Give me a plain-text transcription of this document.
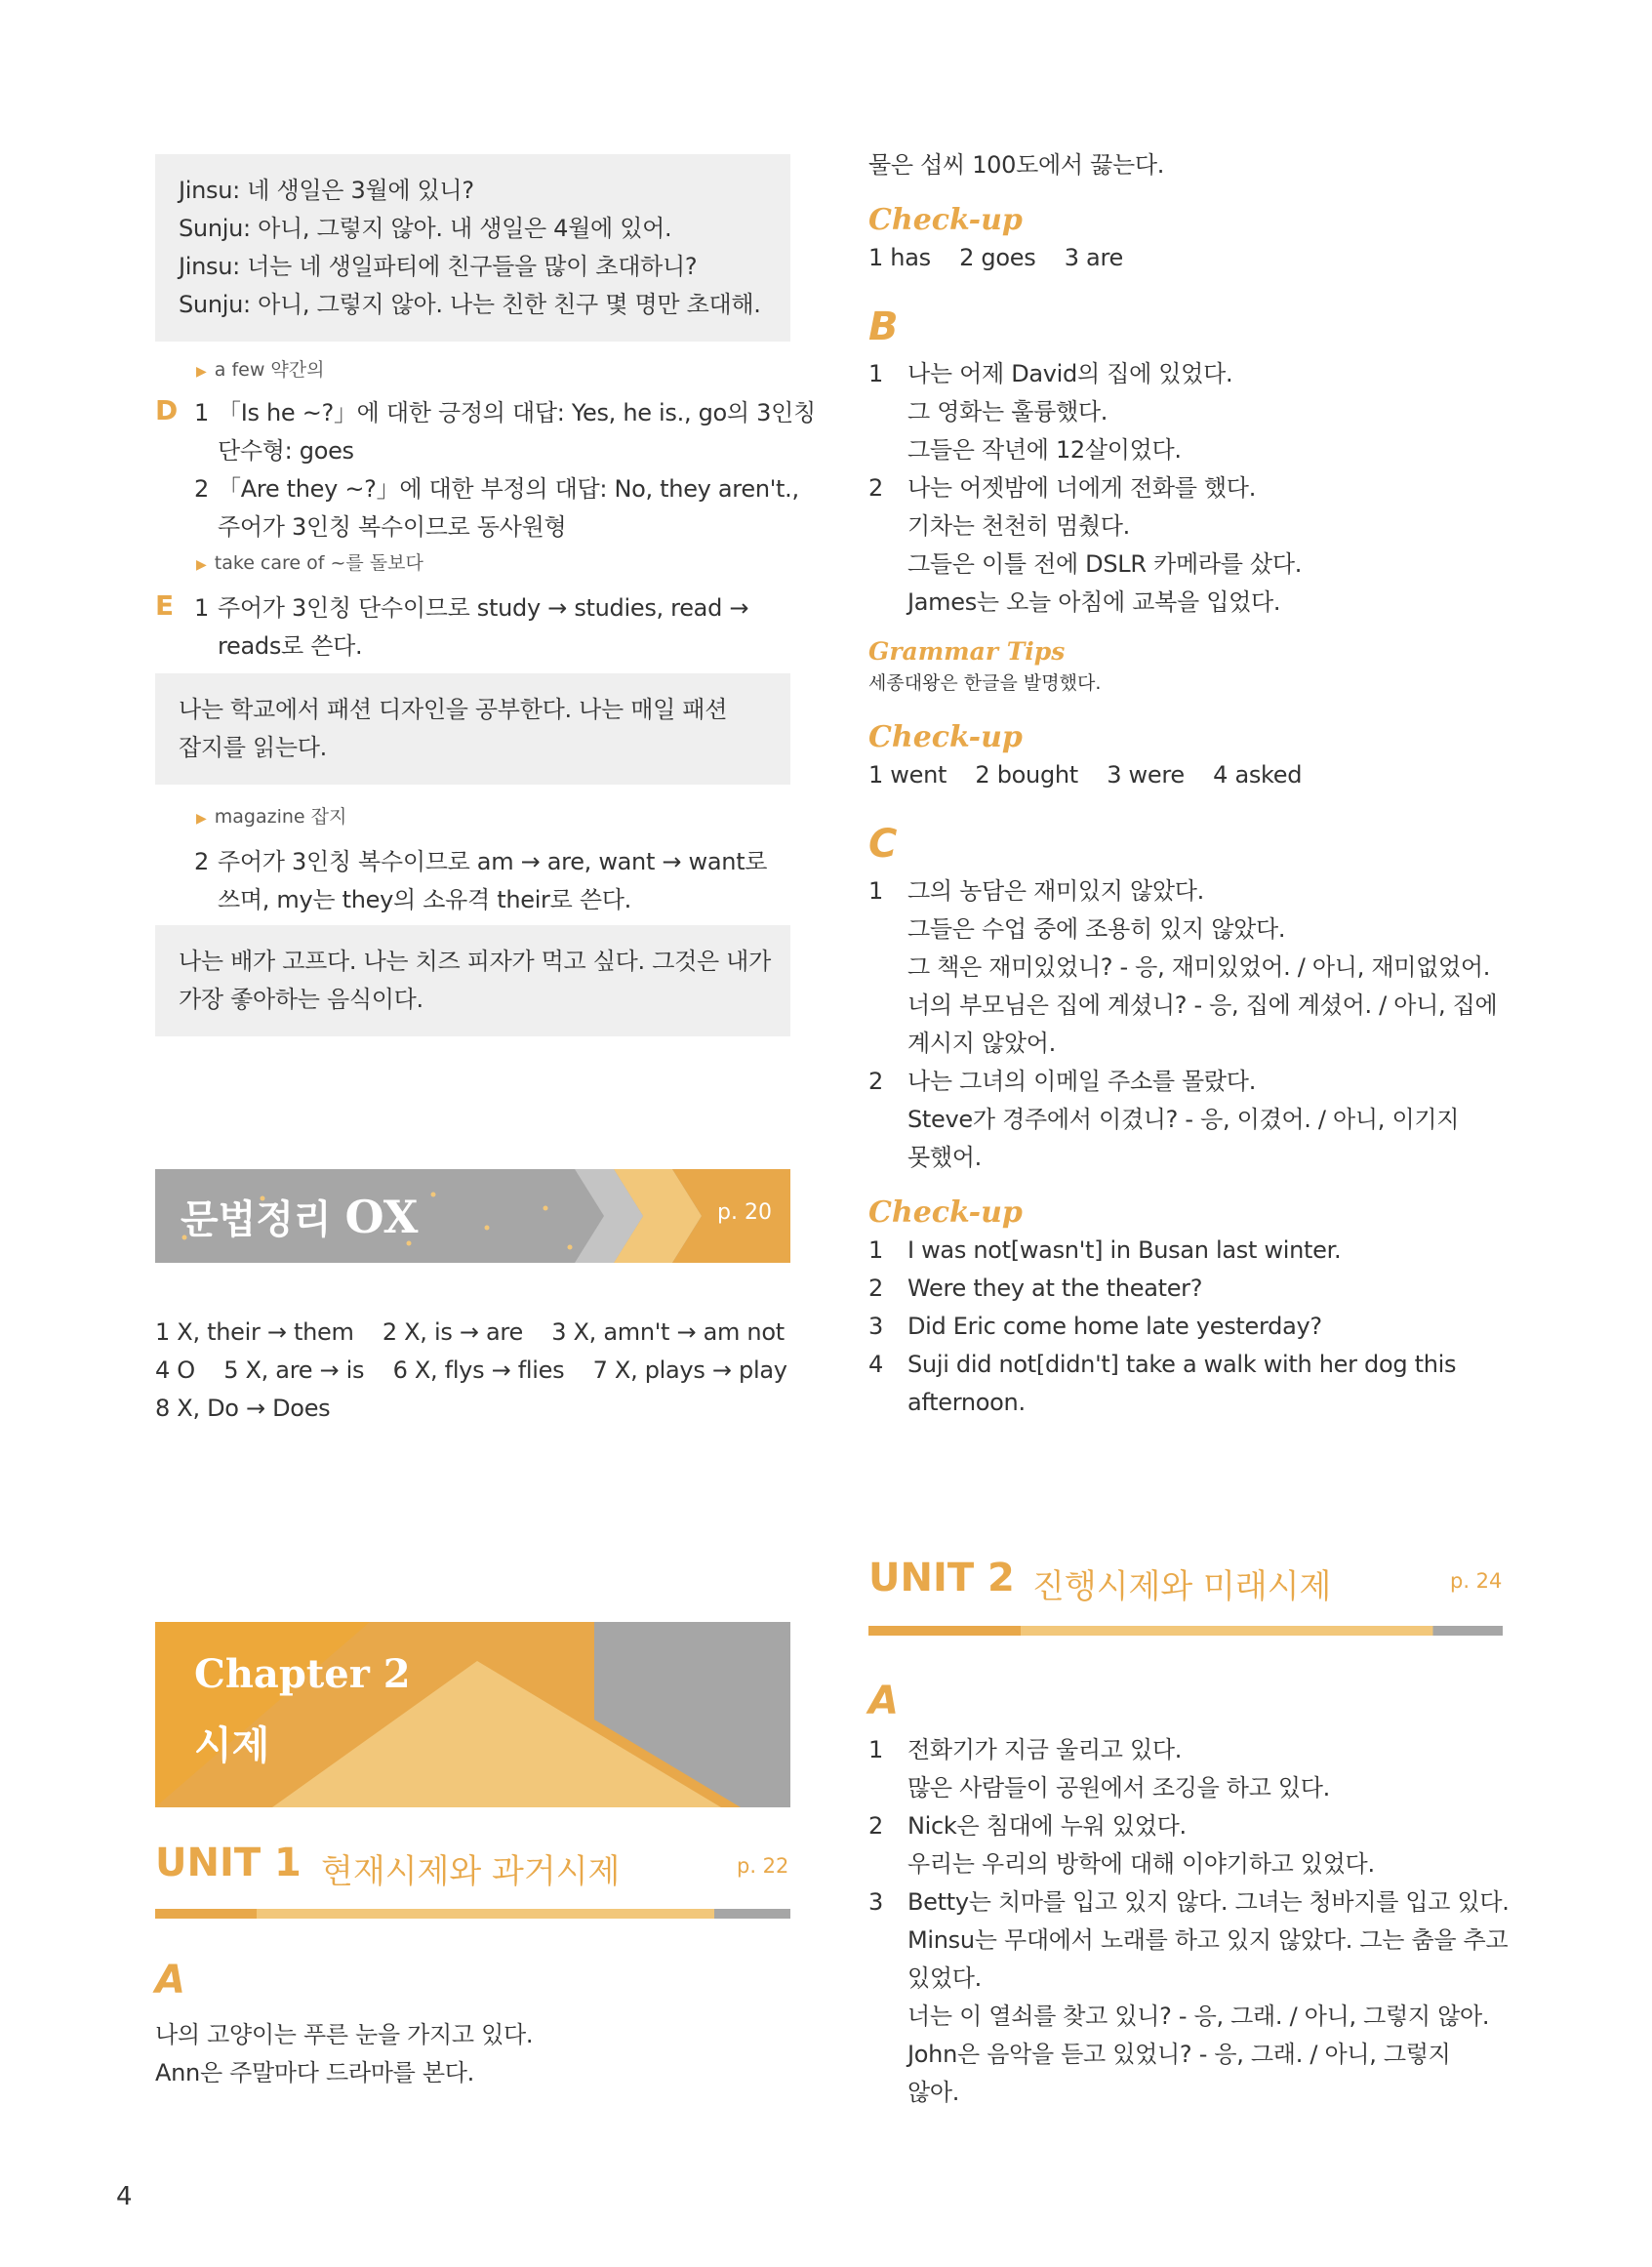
Jinsu: 네 생일은 3월에 있니?
Sunju: 아니, 그렇지 않아. 내 생일은 4월에 있어.
Jinsu: 너는 네 생일파티에 친구들을 많이 초대하니?
Sunju: 아니, 그렇지 않아. 나는 친한 친구 몇 명만 초대해.
▶ a few 약간의
D 1 「Is he ~?」에 대한 긍정의 대답: Yes, he is., go의 3인칭
단수형: goes
2 「Are they ~?」에 대한 부정의 대답: No, they aren't.,
주어가 3인칭 복수이므로 동사원형
▶ take care of ~를 돌보다
E 1 주어가 3인칭 단수이므로 study → studies, read →
reads로 쓴다.
나는 학교에서 패션 디자인을 공부한다. 나는 매일 패션
잡지를 읽는다.
▶ magazine 잡지
2 주어가 3인칭 복수이므로 am → are, want → want로
쓰며, my는 they의 소유격 their로 쓴다.
나는 배가 고프다. 나는 치즈 피자가 먹고 싶다. 그것은 내가
가장 좋아하는 음식이다.
문법정리 OX	p. 20
1 X, their → them    2 X, is → are    3 X, amn't → am not
4 O    5 X, are → is    6 X, flys → flies    7 X, plays → play
8 X, Do → Does
Chapter 2
시제
UNIT 1 현재시제와 과거시제	p. 22
A
나의 고양이는 푸른 눈을 가지고 있다.
Ann은 주말마다 드라마를 본다.
물은 섭씨 100도에서 끓는다.
Check-up
1 has    2 goes    3 are
B
1 나는 어제 David의 집에 있었다.
그 영화는 훌륭했다.
그들은 작년에 12살이었다.
2 나는 어젯밤에 너에게 전화를 했다.
기차는 천천히 멈췄다.
그들은 이틀 전에 DSLR 카메라를 샀다.
James는 오늘 아침에 교복을 입었다.
Grammar Tips
세종대왕은 한글을 발명했다.
Check-up
1 went    2 bought    3 were    4 asked
C
1 그의 농담은 재미있지 않았다.
그들은 수업 중에 조용히 있지 않았다.
그 책은 재미있었니? - 응, 재미있었어. / 아니, 재미없었어.
너의 부모님은 집에 계셨니? - 응, 집에 계셨어. / 아니, 집에
계시지 않았어.
2 나는 그녀의 이메일 주소를 몰랐다.
Steve가 경주에서 이겼니? - 응, 이겼어. / 아니, 이기지
못했어.
Check-up
1 I was not[wasn't] in Busan last winter.
2 Were they at the theater?
3 Did Eric come home late yesterday?
4 Suji did not[didn't] take a walk with her dog this
afternoon.
UNIT 2 진행시제와 미래시제	p. 24
A
1 전화기가 지금 울리고 있다.
많은 사람들이 공원에서 조깅을 하고 있다.
2 Nick은 침대에 누워 있었다.
우리는 우리의 방학에 대해 이야기하고 있었다.
3 Betty는 치마를 입고 있지 않다. 그녀는 청바지를 입고 있다.
Minsu는 무대에서 노래를 하고 있지 않았다. 그는 춤을 추고
있었다.
너는 이 열쇠를 찾고 있니? - 응, 그래. / 아니, 그렇지 않아.
John은 음악을 듣고 있었니? - 응, 그래. / 아니, 그렇지
않아.
4
